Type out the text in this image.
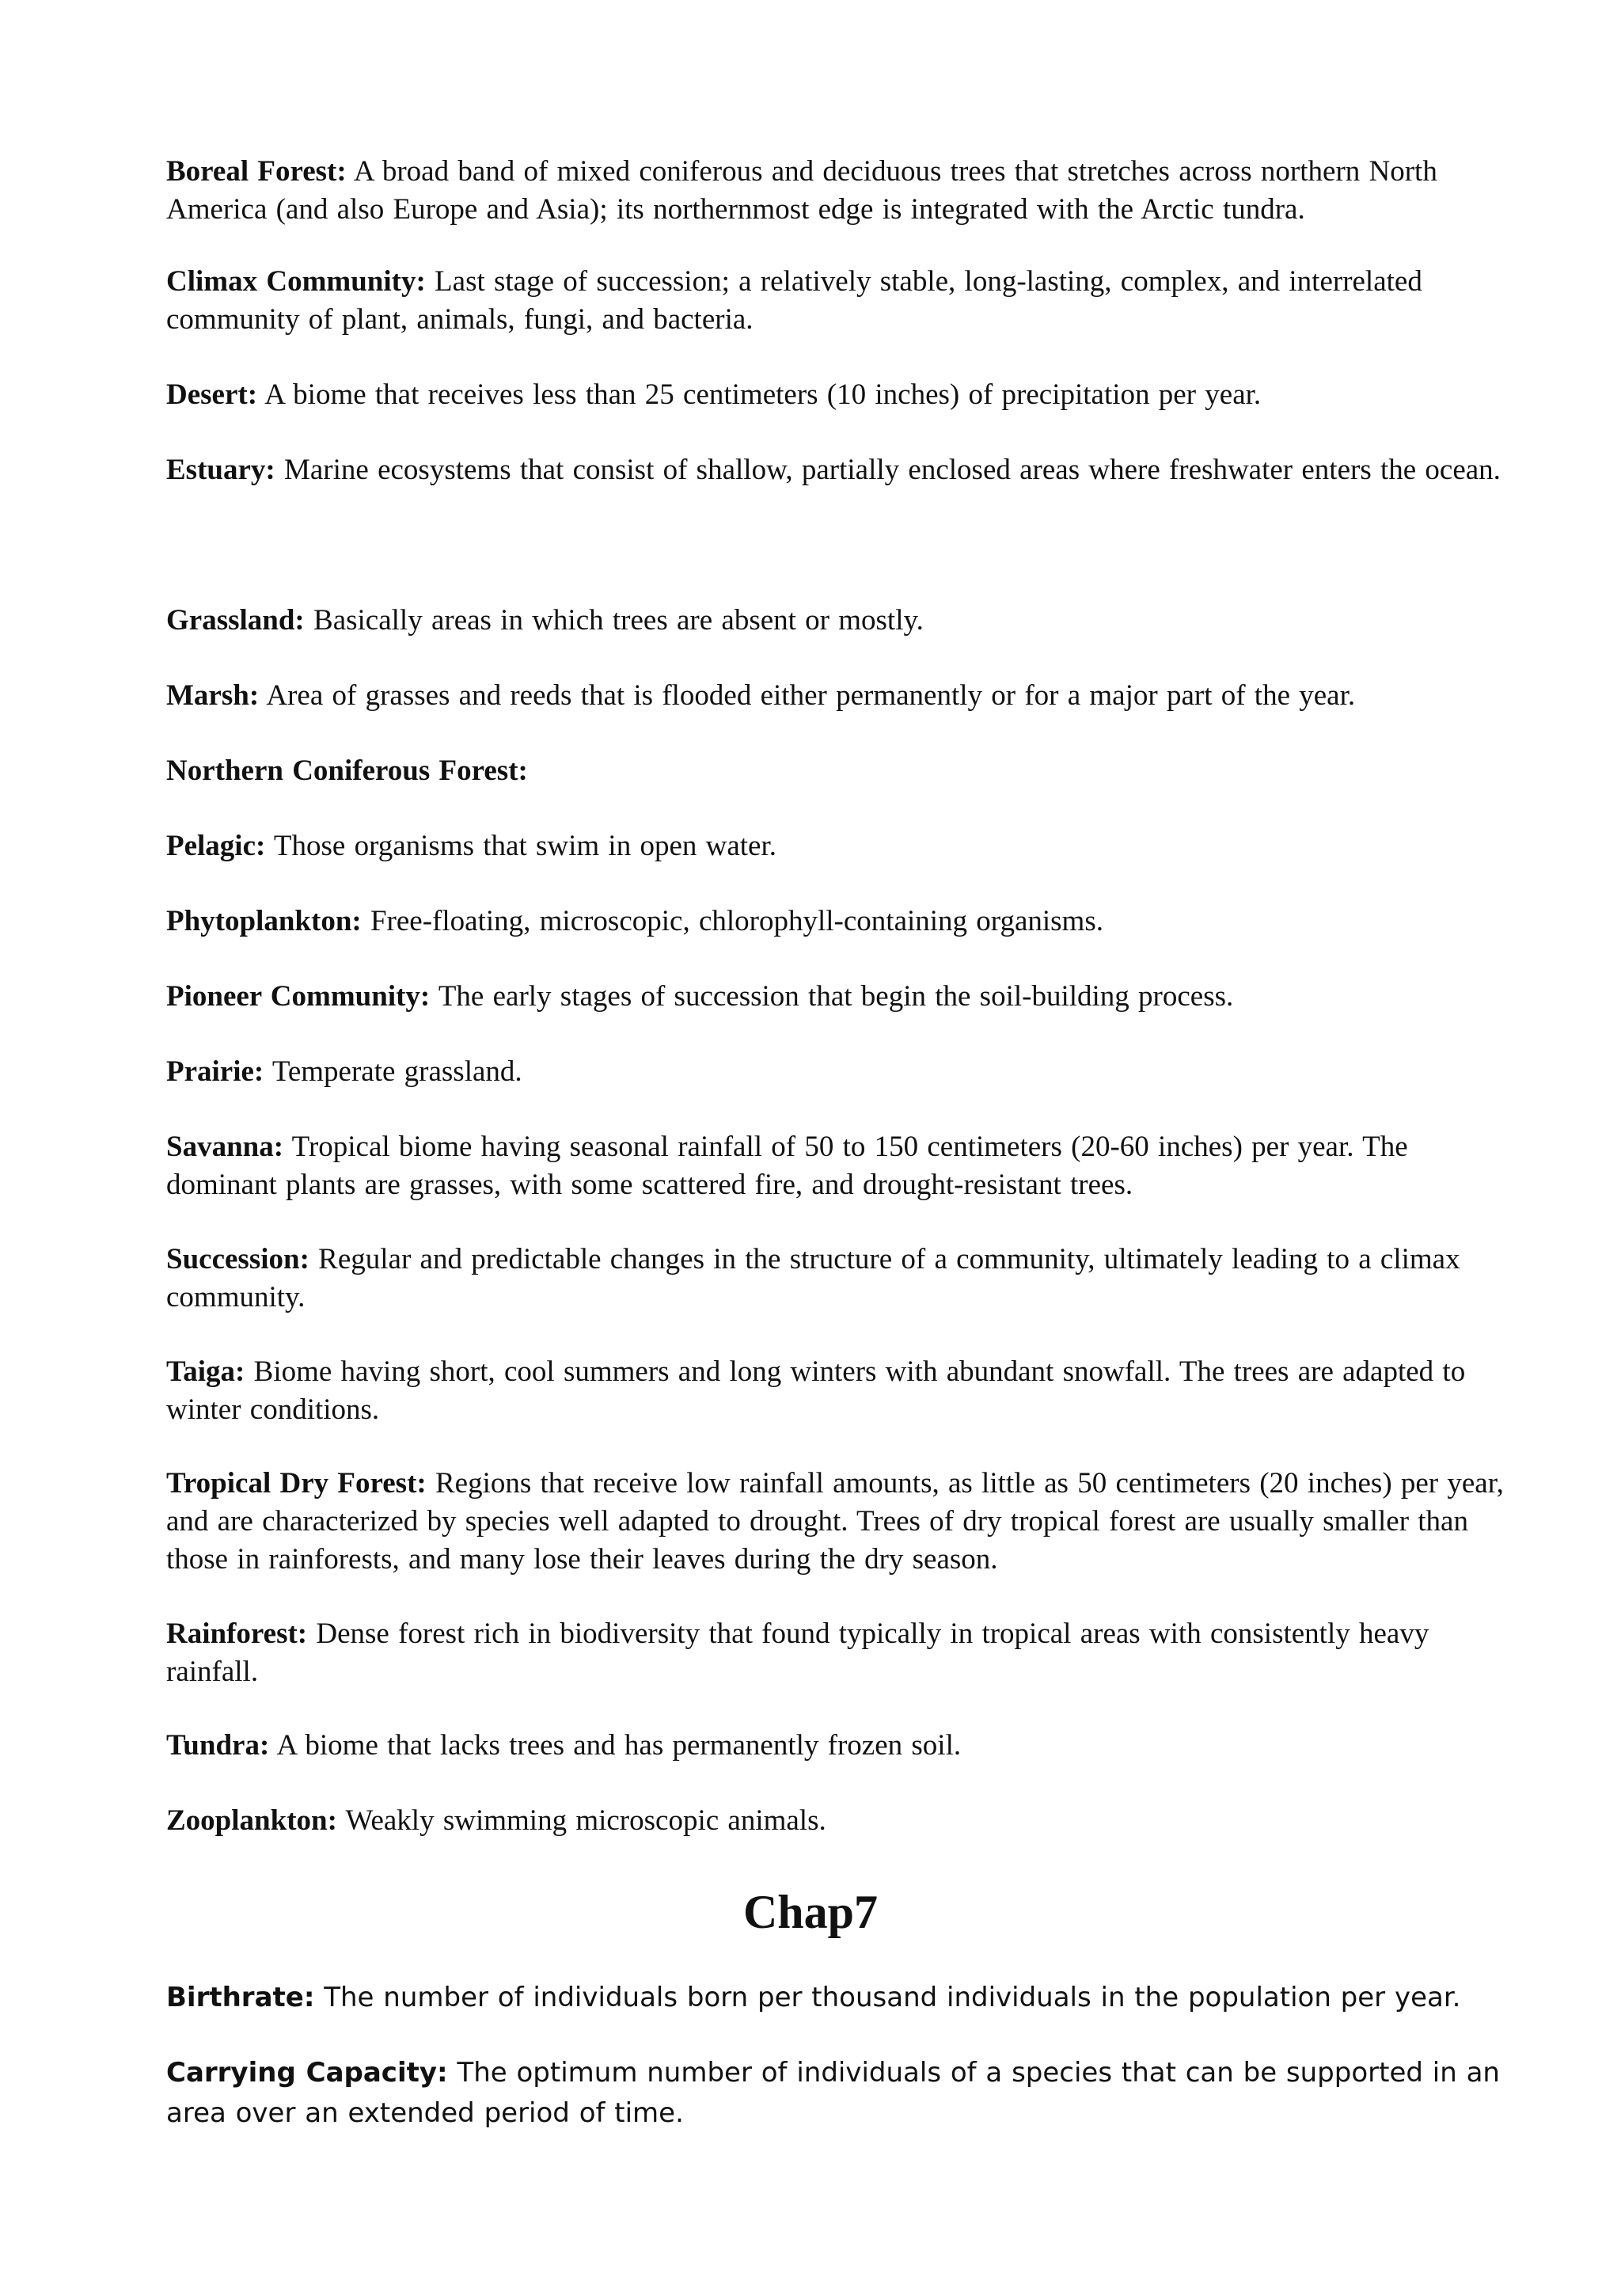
Boreal Forest: A broad band of mixed coniferous and deciduous trees that stretches across northern North America (and also Europe and Asia); its northernmost edge is integrated with the Arctic tundra.

Climax Community: Last stage of succession; a relatively stable, long-lasting, complex, and interrelated community of plant, animals, fungi, and bacteria.

Desert: A biome that receives less than 25 centimeters (10 inches) of precipitation per year.

Estuary: Marine ecosystems that consist of shallow, partially enclosed areas where freshwater enters the ocean.

Grassland: Basically areas in which trees are absent or mostly.

Marsh: Area of grasses and reeds that is flooded either permanently or for a major part of the year.

Northern Coniferous Forest:

Pelagic: Those organisms that swim in open water.

Phytoplankton: Free-floating, microscopic, chlorophyll-containing organisms.

Pioneer Community: The early stages of succession that begin the soil-building process.

Prairie: Temperate grassland.

Savanna: Tropical biome having seasonal rainfall of 50 to 150 centimeters (20-60 inches) per year. The dominant plants are grasses, with some scattered fire, and drought-resistant trees.

Succession: Regular and predictable changes in the structure of a community, ultimately leading to a climax community.

Taiga: Biome having short, cool summers and long winters with abundant snowfall. The trees are adapted to winter conditions.

Tropical Dry Forest: Regions that receive low rainfall amounts, as little as 50 centimeters (20 inches) per year, and are characterized by species well adapted to drought. Trees of dry tropical forest are usually smaller than those in rainforests, and many lose their leaves during the dry season.

Rainforest: Dense forest rich in biodiversity that found typically in tropical areas with consistently heavy rainfall.

Tundra: A biome that lacks trees and has permanently frozen soil.

Zooplankton: Weakly swimming microscopic animals.

Chap7

Birthrate: The number of individuals born per thousand individuals in the population per year.

Carrying Capacity: The optimum number of individuals of a species that can be supported in an area over an extended period of time.
